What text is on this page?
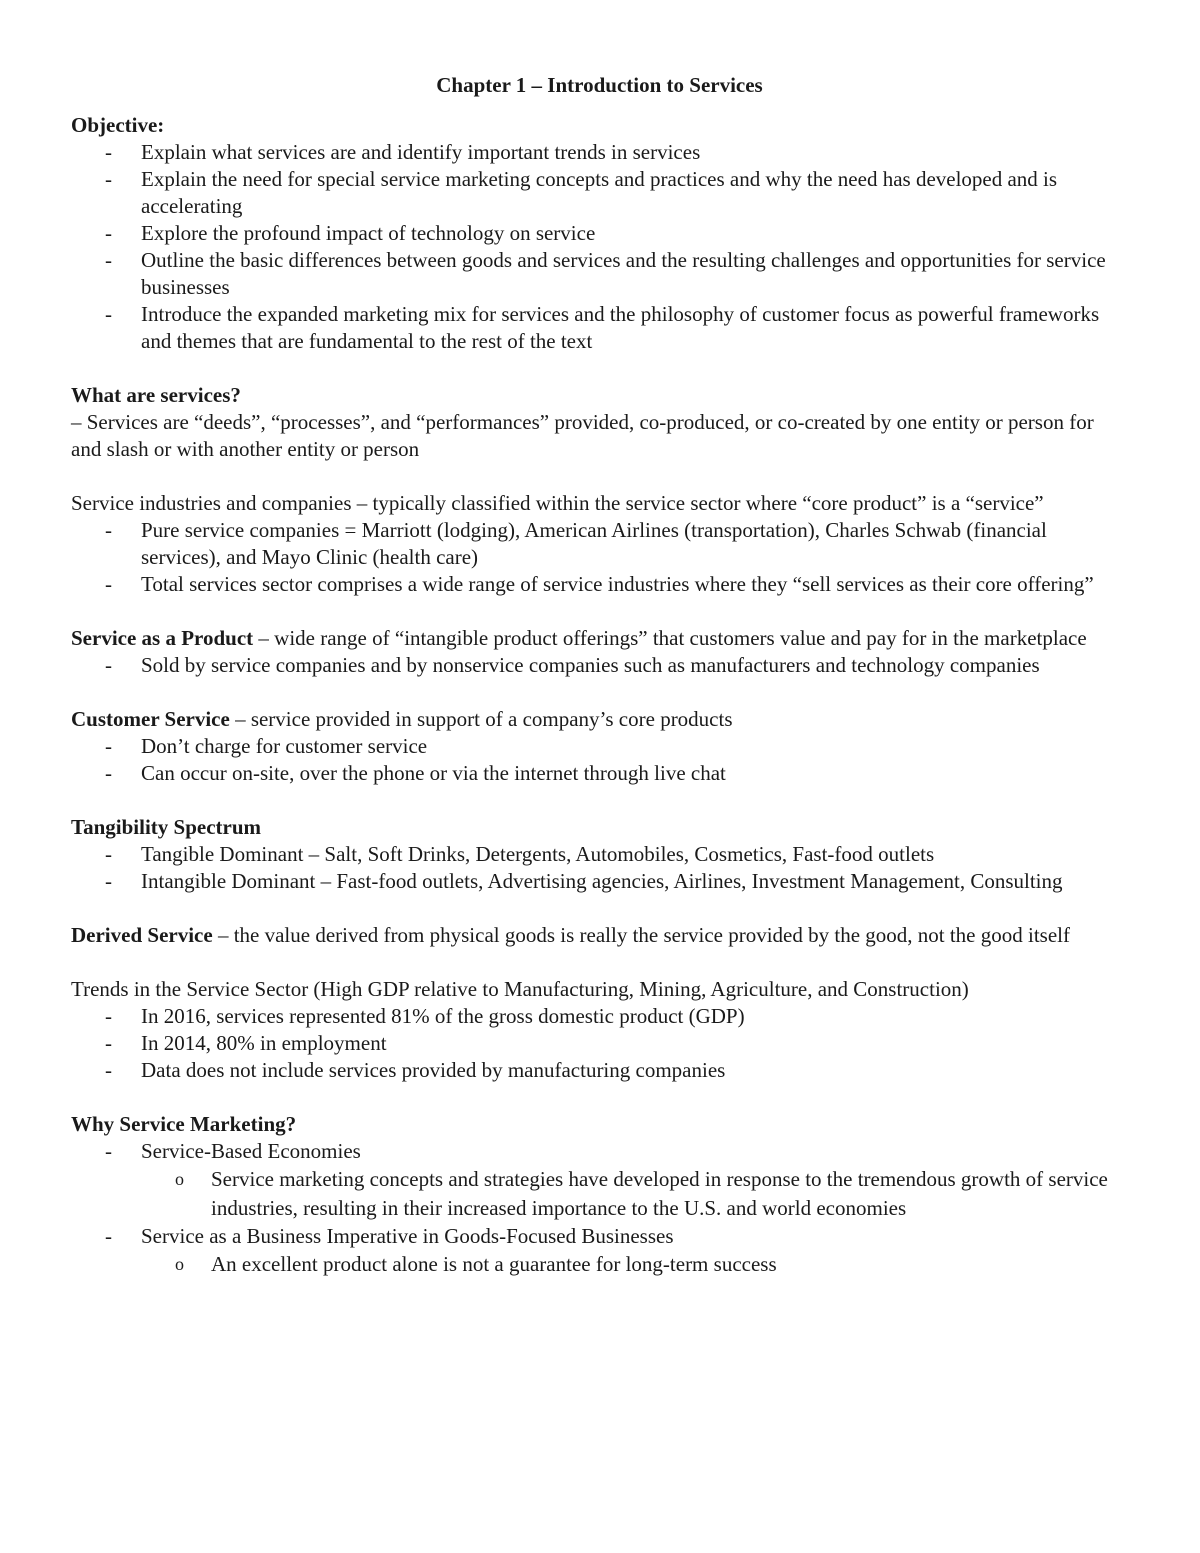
Chapter 1 – Introduction to Services

Objective:

- Explain what services are and identify important trends in services
- Explain the need for special service marketing concepts and practices and why the need has developed and is accelerating
- Explore the profound impact of technology on service
- Outline the basic differences between goods and services and the resulting challenges and opportunities for service businesses
- Introduce the expanded marketing mix for services and the philosophy of customer focus as powerful frameworks and themes that are fundamental to the rest of the text

What are services?

– Services are “deeds”, “processes”, and “performances” provided, co-produced, or co-created by one entity or person for and slash or with another entity or person

Service industries and companies – typically classified within the service sector where “core product” is a “service”

- Pure service companies = Marriott (lodging), American Airlines (transportation), Charles Schwab (financial services), and Mayo Clinic (health care)
- Total services sector comprises a wide range of service industries where they “sell services as their core offering”

Service as a Product – wide range of “intangible product offerings” that customers value and pay for in the marketplace

- Sold by service companies and by nonservice companies such as manufacturers and technology companies

Customer Service – service provided in support of a company’s core products

- Don’t charge for customer service
- Can occur on-site, over the phone or via the internet through live chat

Tangibility Spectrum

- Tangible Dominant – Salt, Soft Drinks, Detergents, Automobiles, Cosmetics, Fast-food outlets
- Intangible Dominant – Fast-food outlets, Advertising agencies, Airlines, Investment Management, Consulting

Derived Service – the value derived from physical goods is really the service provided by the good, not the good itself

Trends in the Service Sector (High GDP relative to Manufacturing, Mining, Agriculture, and Construction)

- In 2016, services represented 81% of the gross domestic product (GDP)
- In 2014, 80% in employment
- Data does not include services provided by manufacturing companies

Why Service Marketing?

- Service-Based Economies
o Service marketing concepts and strategies have developed in response to the tremendous growth of service industries, resulting in their increased importance to the U.S. and world economies
- Service as a Business Imperative in Goods-Focused Businesses
o An excellent product alone is not a guarantee for long-term success
